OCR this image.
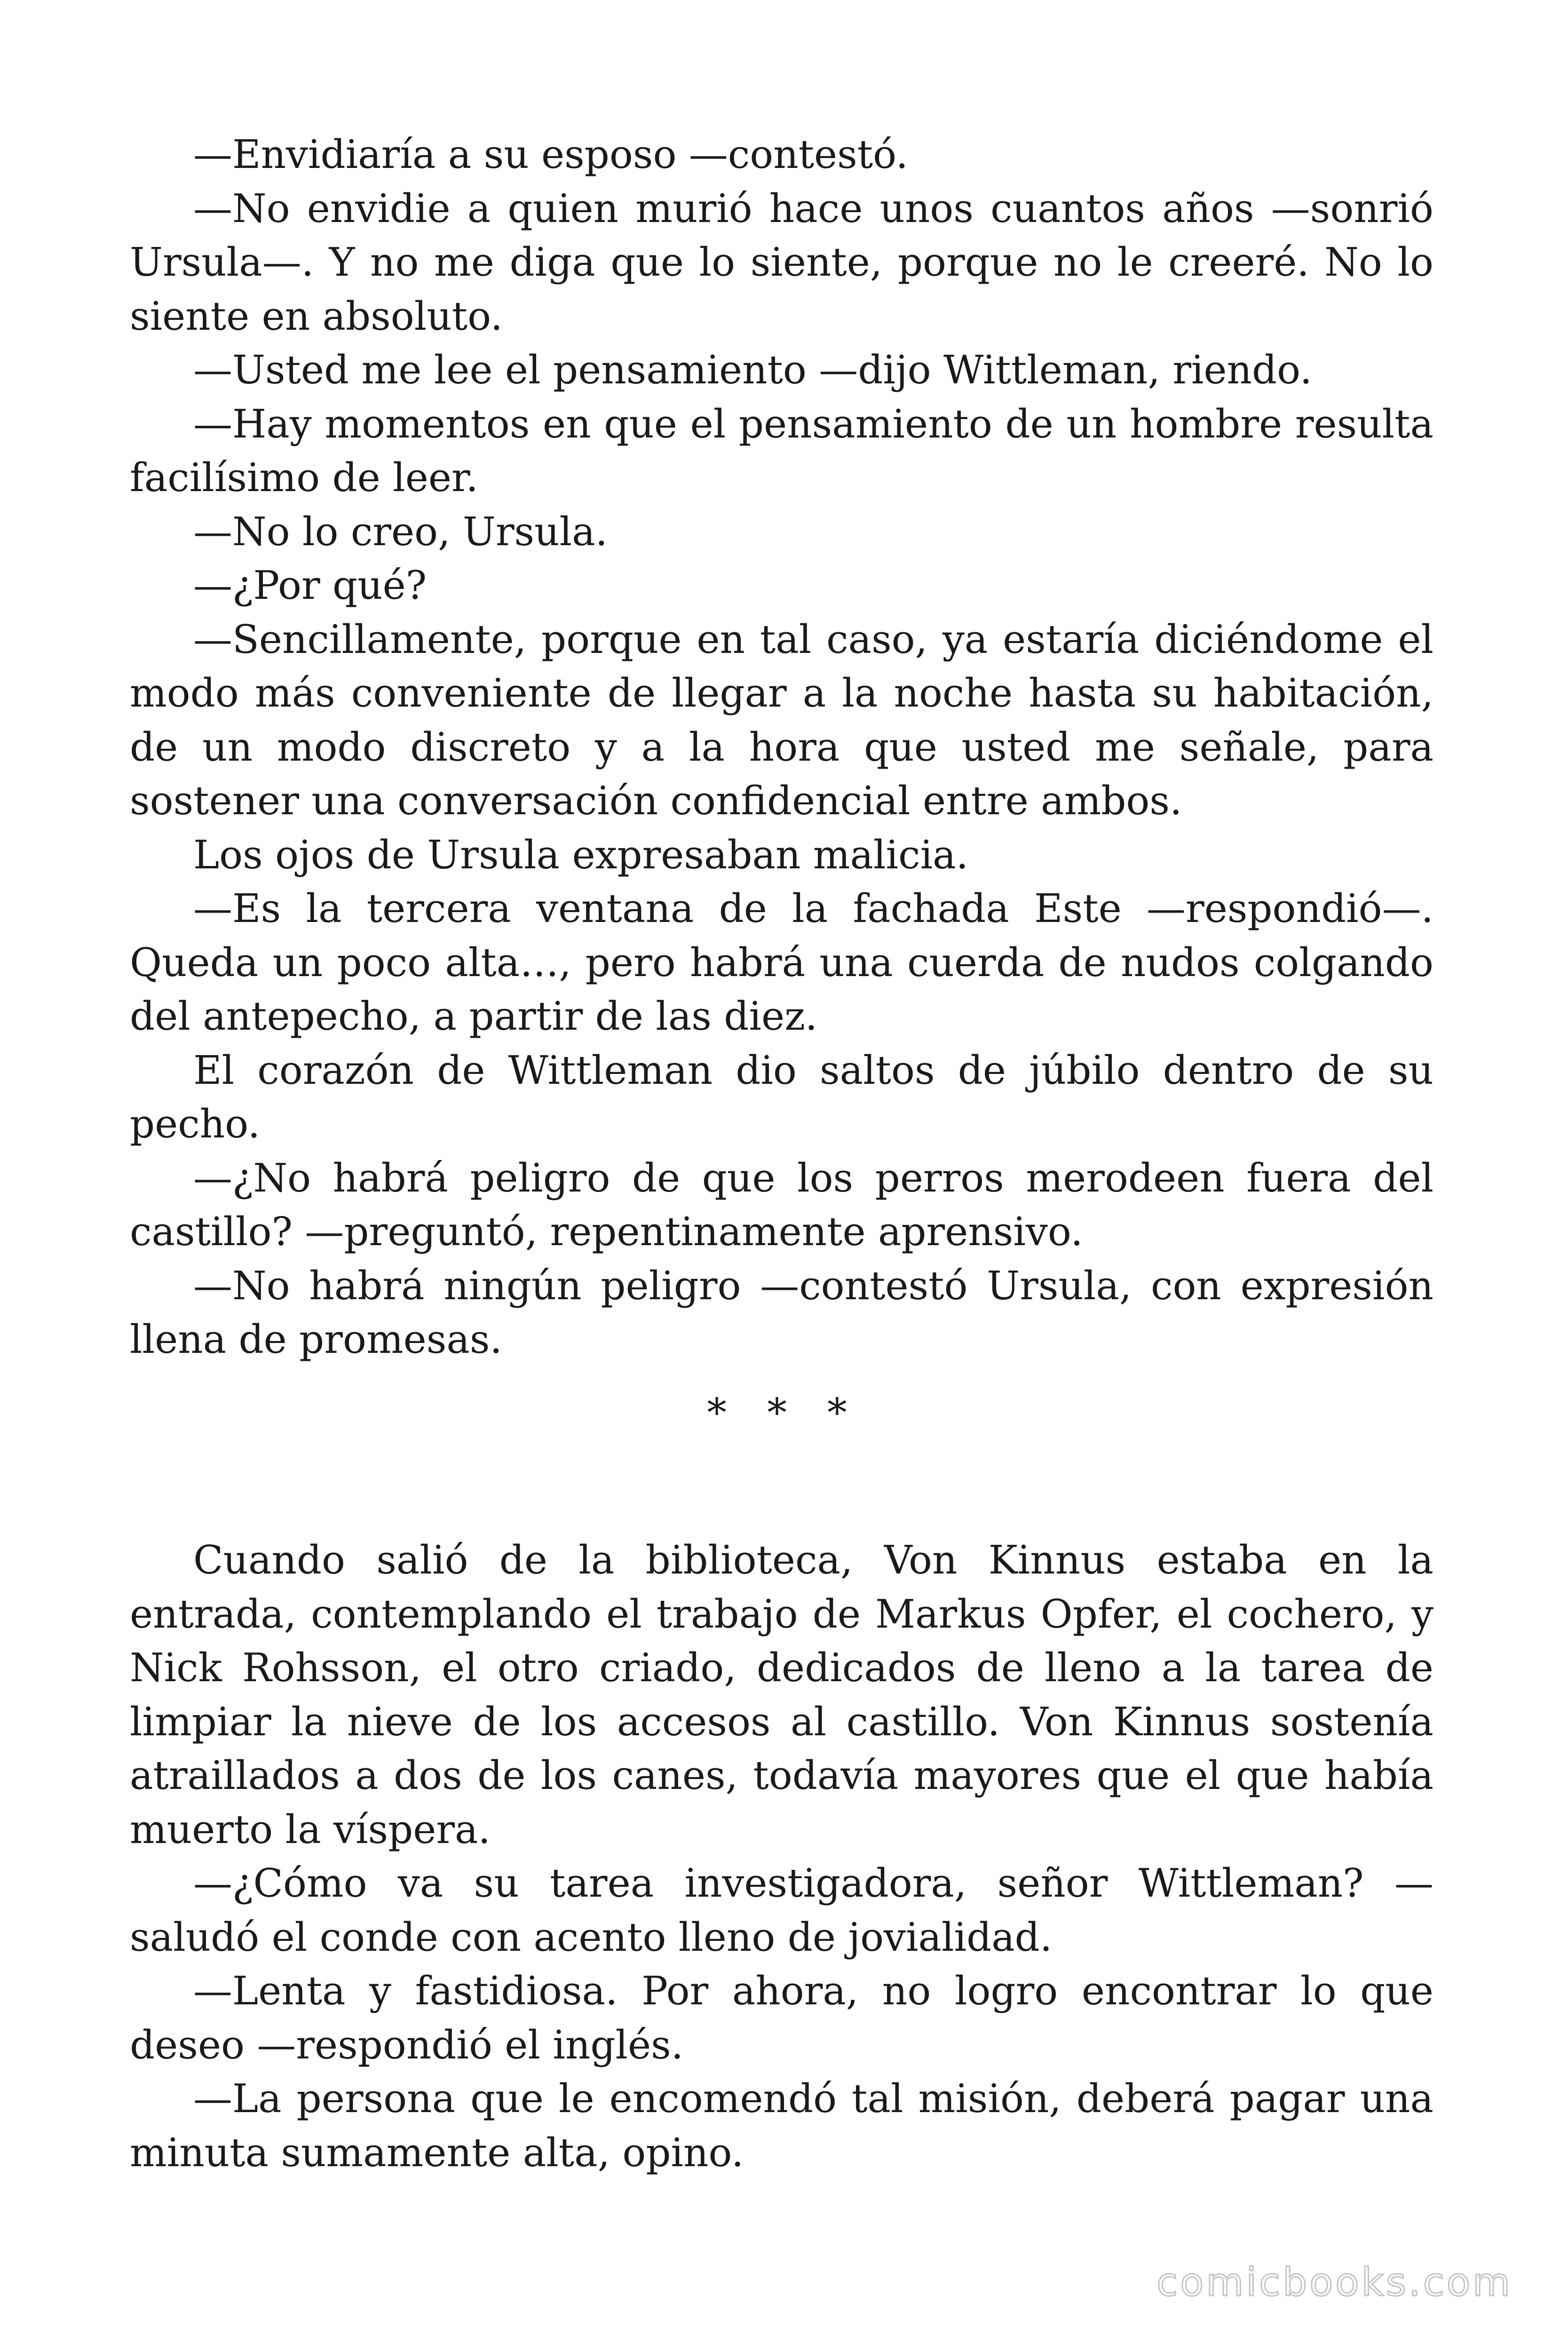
—Envidiaría a su esposo —contestó.

—No envidie a quien murió hace unos cuantos años —sonrió Ursula—. Y no me diga que lo siente, porque no le creeré. No lo siente en absoluto.

—Usted me lee el pensamiento —dijo Wittleman, riendo.

—Hay momentos en que el pensamiento de un hombre resulta facilísimo de leer.

—No lo creo, Ursula.

—¿Por qué?

—Sencillamente, porque en tal caso, ya estaría diciéndome el modo más conveniente de llegar a la noche hasta su habitación, de un modo discreto y a la hora que usted me señale, para sostener una conversación confidencial entre ambos.

Los ojos de Ursula expresaban malicia.

—Es la tercera ventana de la fachada Este —respondió—. Queda un poco alta…, pero habrá una cuerda de nudos colgando del antepecho, a partir de las diez.

El corazón de Wittleman dio saltos de júbilo dentro de su pecho.

—¿No habrá peligro de que los perros merodeen fuera del castillo? —preguntó, repentinamente aprensivo.

—No habrá ningún peligro —contestó Ursula, con expresión llena de promesas.

* * *

Cuando salió de la biblioteca, Von Kinnus estaba en la entrada, contemplando el trabajo de Markus Opfer, el cochero, y Nick Rohsson, el otro criado, dedicados de lleno a la tarea de limpiar la nieve de los accesos al castillo. Von Kinnus sostenía atraillados a dos de los canes, todavía mayores que el que había muerto la víspera.

—¿Cómo va su tarea investigadora, señor Wittleman? —saludó el conde con acento lleno de jovialidad.

—Lenta y fastidiosa. Por ahora, no logro encontrar lo que deseo —respondió el inglés.

—La persona que le encomendó tal misión, deberá pagar una minuta sumamente alta, opino.

comicbooks.com
